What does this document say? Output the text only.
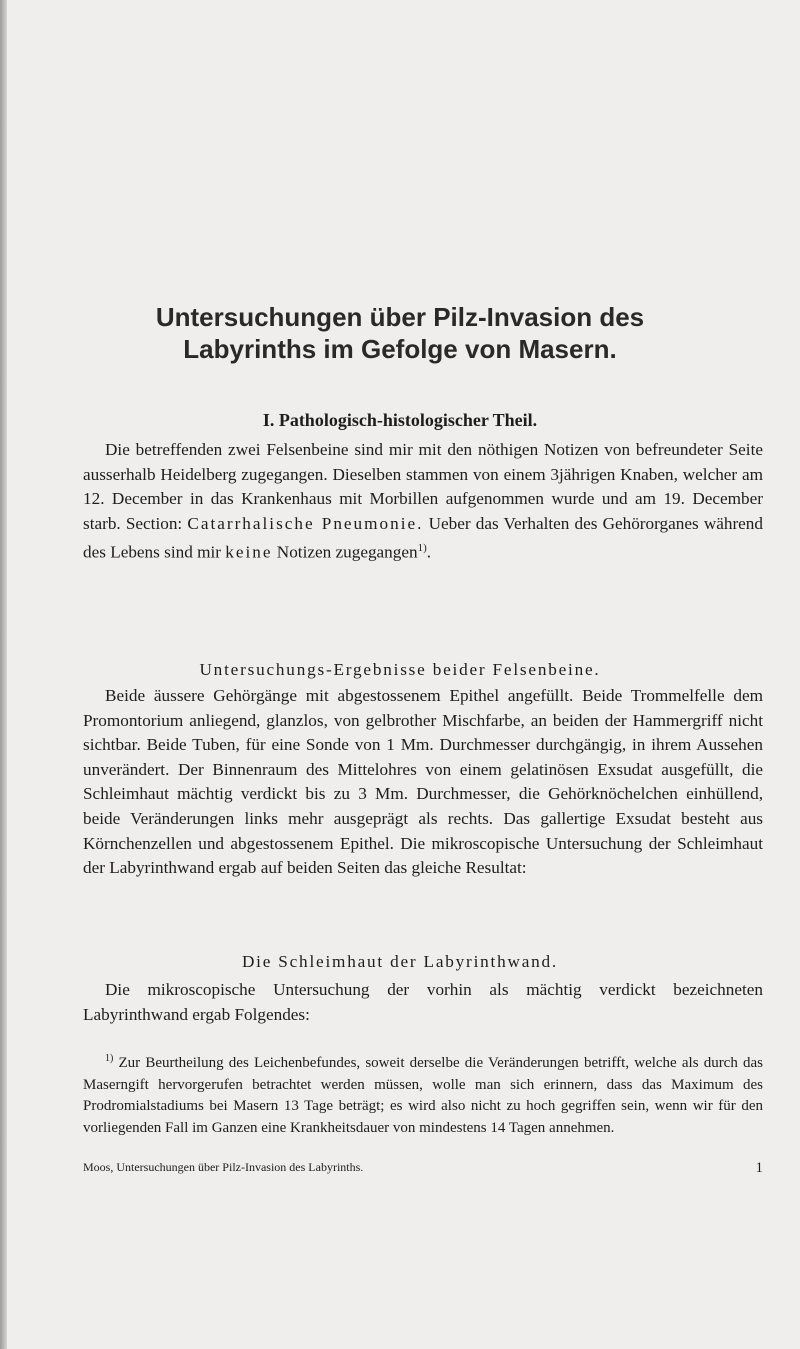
Untersuchungen über Pilz-Invasion des
Labyrinths im Gefolge von Masern.
I. Pathologisch-histologischer Theil.

Die betreffenden zwei Felsenbeine sind mir mit den nöthigen Notizen von befreundeter Seite ausserhalb Heidelberg zugegangen. Dieselben stammen von einem 3jährigen Knaben, welcher am 12. December in das Krankenhaus mit Morbillen aufgenommen wurde und am 19. December starb. Section: Catarrhalische Pneumonie. Ueber das Verhalten des Gehörorganes während des Lebens sind mir keine Notizen zugegangen$^{1)}$.

Untersuchungs-Ergebnisse beider Felsenbeine.

Beide äussere Gehörgänge mit abgestossenem Epithel angefüllt. Beide Trommelfelle dem Promontorium anliegend, glanzlos, von gelbrother Mischfarbe, an beiden der Hammergriff nicht sichtbar. Beide Tuben, für eine Sonde von 1 Mm. Durchmesser durchgängig, in ihrem Aussehen unverändert. Der Binnenraum des Mittelohres von einem gelatinösen Exsudat ausgefüllt, die Schleimhaut mächtig verdickt bis zu 3 Mm. Durchmesser, die Gehörknöchelchen einhüllend, beide Veränderungen links mehr ausgeprägt als rechts. Das gallertige Exsudat besteht aus Körnchenzellen und abgestossenem Epithel. Die mikroscopische Untersuchung der Schleimhaut der Labyrinthwand ergab auf beiden Seiten das gleiche Resultat:

Die Schleimhaut der Labyrinthwand.

Die mikroscopische Untersuchung der vorhin als mächtig verdickt bezeichneten Labyrinthwand ergab Folgendes:

$^{1)}$ Zur Beurtheilung des Leichenbefundes, soweit derselbe die Veränderungen betrifft, welche als durch das Maserngift hervorgerufen betrachtet werden müssen, wolle man sich erinnern, dass das Maximum des Prodromialstadiums bei Masern 13 Tage beträgt; es wird also nicht zu hoch gegriffen sein, wenn wir für den vorliegenden Fall im Ganzen eine Krankheitsdauer von mindestens 14 Tagen annehmen.

Moos, Untersuchungen über Pilz-Invasion des Labyrinths.	1
